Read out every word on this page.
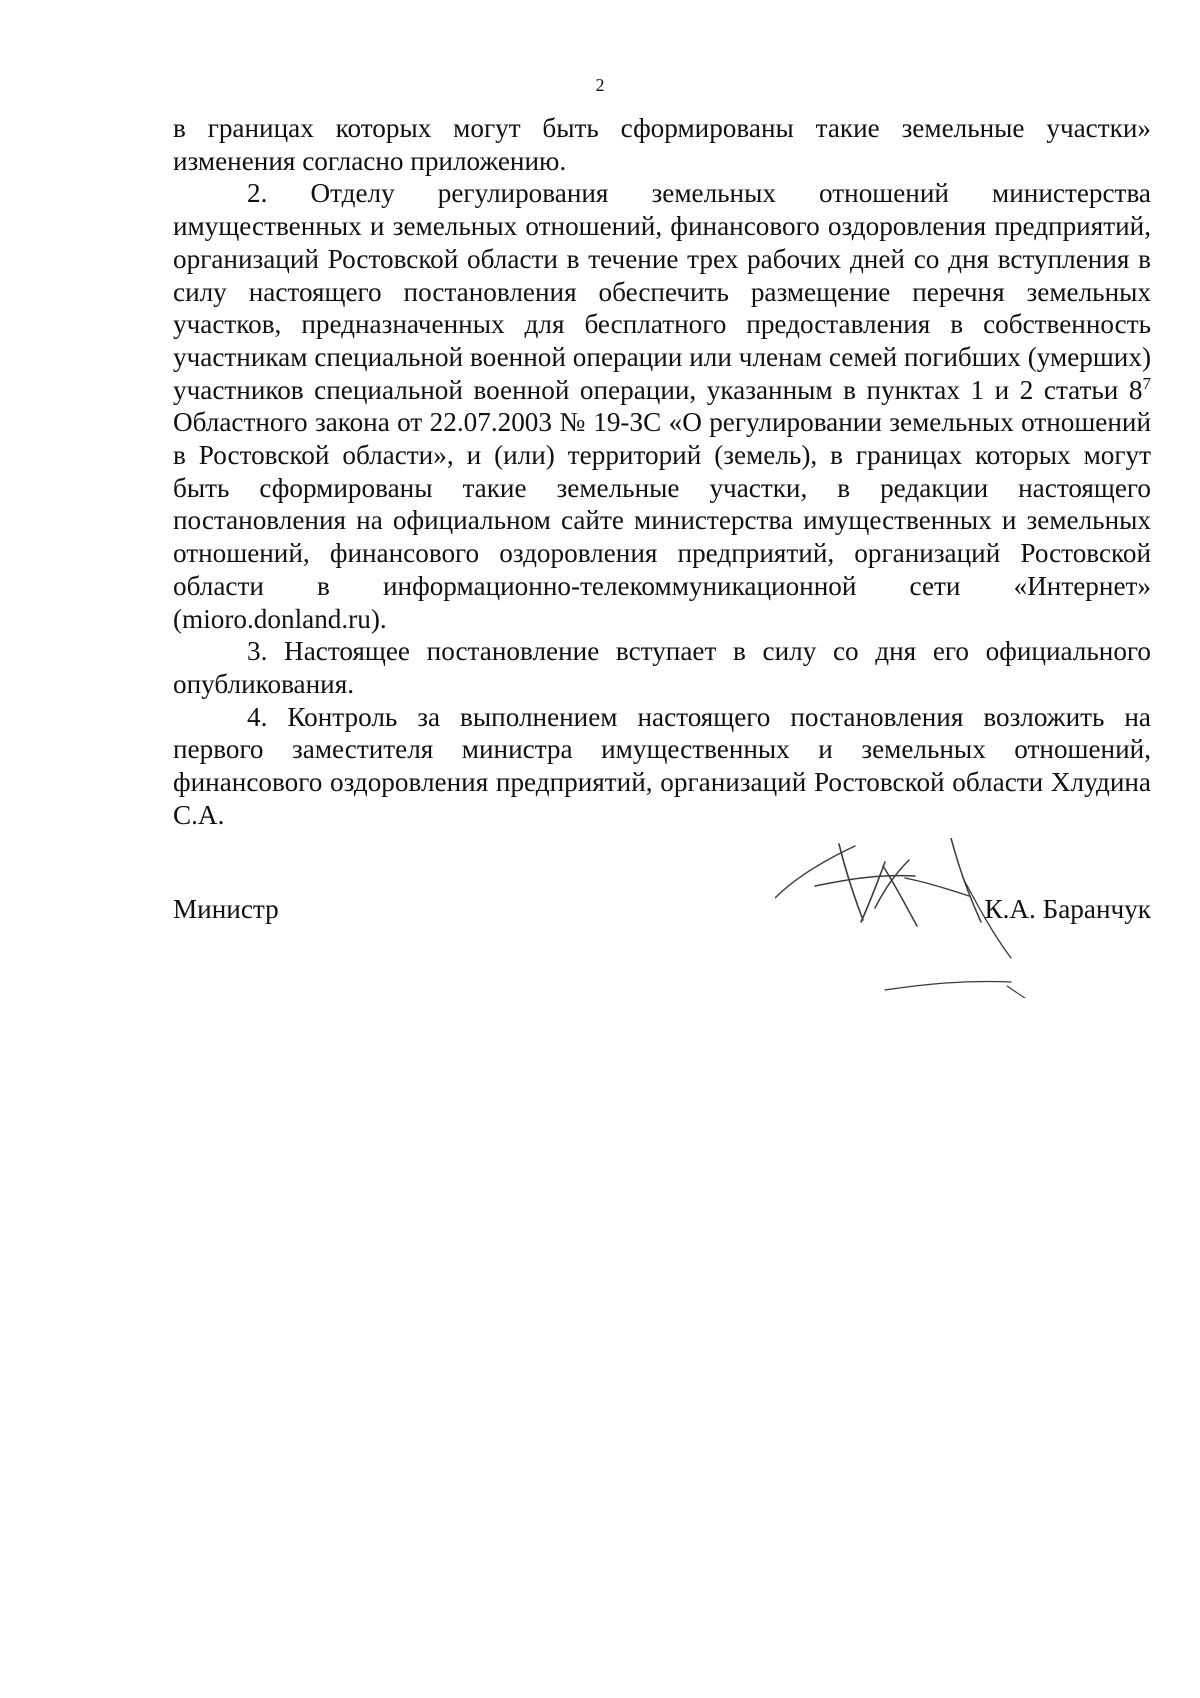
2

в границах которых могут быть сформированы такие земельные участки» изменения согласно приложению.

2. Отделу регулирования земельных отношений министерства имущественных и земельных отношений, финансового оздоровления предприятий, организаций Ростовской области в течение трех рабочих дней со дня вступления в силу настоящего постановления обеспечить размещение перечня земельных участков, предназначенных для бесплатного предоставления в собственность участникам специальной военной операции или членам семей погибших (умерших) участников специальной военной операции, указанным в пунктах 1 и 2 статьи $8^7$ Областного закона от 22.07.2003 № 19-ЗС «О регулировании земельных отношений в Ростовской области», и (или) территорий (земель), в границах которых могут быть сформированы такие земельные участки, в редакции настоящего постановления на официальном сайте министерства имущественных и земельных отношений, финансового оздоровления предприятий, организаций Ростовской области в информационно-телекоммуникационной сети «Интернет» (mioro.donland.ru).

3. Настоящее постановление вступает в силу со дня его официального опубликования.

4. Контроль за выполнением настоящего постановления возложить на первого заместителя министра имущественных и земельных отношений, финансового оздоровления предприятий, организаций Ростовской области Хлудина С.А.

Министр	К.А. Баранчук
